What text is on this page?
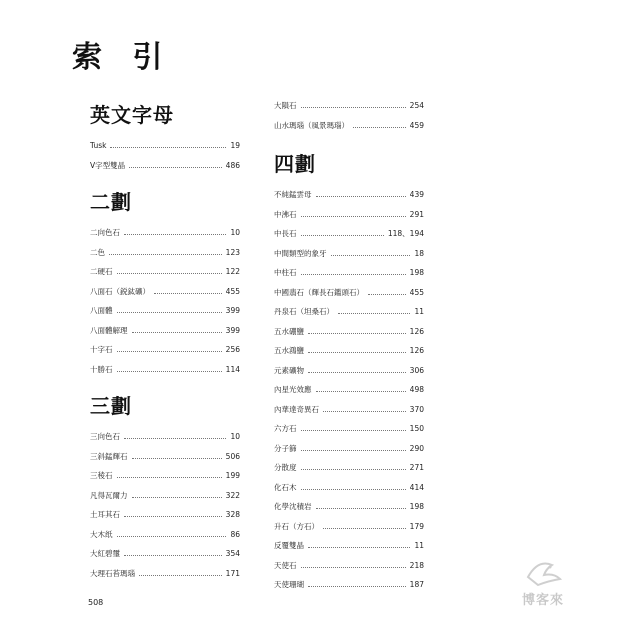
索 引
英文字母
Tusk	19
V字型雙晶	486
二劃
二向色石	10
二色	123
二硬石	122
八面石（鋭鈦礦）	455
八面體	399
八面體解理	399
十字石	256
十勝石	114
三劃
三向色石	10
三斜錳輝石	506
三稜石	199
凡得瓦爾力	322
土耳其石	328
大木纸	86
大紅碧璽	354
大理石苔瑪瑙	171
大隕石	254
山水瑪瑙（風景瑪瑙）	459
四劃
不純錳雲母	439
中沸石	291
中長石	118、194
中間類型的象牙	18
中柱石	198
中國翡石（輝長石鑑頭石）	455
丹泉石（坦桑石）	11
五水硼鹽	126
五水鴻鹽	126
元素礦物	306
內星光效應	498
內華達奇異石	370
六方石	150
分子篩	290
分散度	271
化石木	414
化學沈積岩	198
升石（方石）	179
反覆雙晶	11
天使石	218
天使珊瑚	187
508	博客來
